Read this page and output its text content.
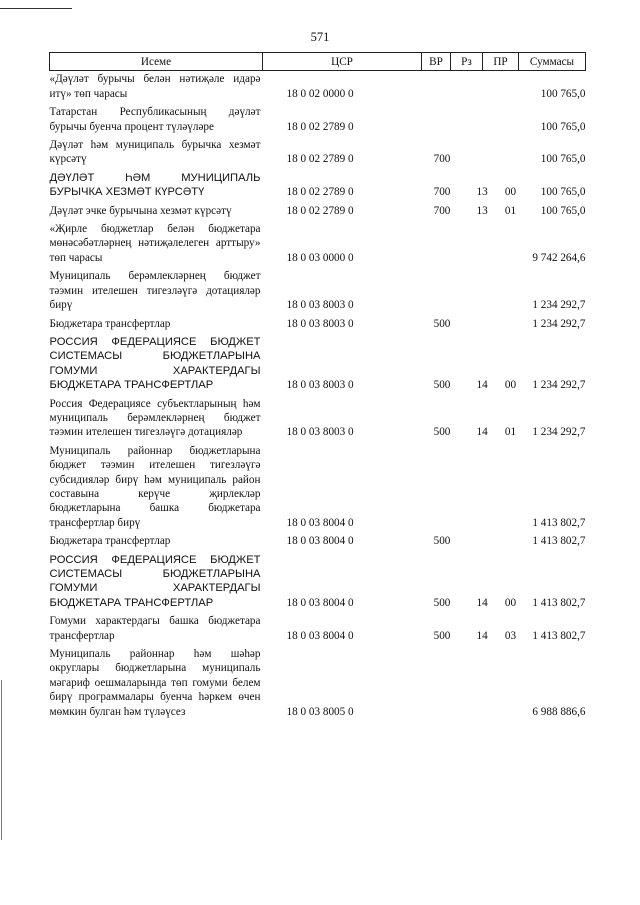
571
Исеме	ЦСР	ВР	Рз	ПР	Суммасы
«Дәүләт бурычы белән нәтиҗәле идарә итү» төп чарасы	18 0 02 0000 0				100 765,0
Татарстан Республикасының дәүләт бурычы буенча процент түләүләре	18 0 02 2789 0				100 765,0
Дәүләт һәм муниципаль бурычка хезмәт күрсәтү	18 0 02 2789 0	700			100 765,0
ДӘҮЛӘТ ҺӘМ МУНИЦИПАЛЬ БУРЫЧКА ХЕЗМӘТ КҮРСӘТҮ	18 0 02 2789 0	700	13	00	100 765,0
Дәүләт эчке бурычына хезмәт күрсәтү	18 0 02 2789 0	700	13	01	100 765,0
«Җирле бюджетлар белән бюджетара мөнәсәбәтләрнең нәтиҗәлелеген арттыру» төп чарасы	18 0 03 0000 0				9 742 264,6
Муниципаль берәмлекләрнең бюджет тәэмин ителешен тигезләүгә дотацияләр бирү	18 0 03 8003 0				1 234 292,7
Бюджетара трансфертлар	18 0 03 8003 0	500			1 234 292,7
РОССИЯ ФЕДЕРАЦИЯСЕ БЮДЖЕТ СИСТЕМАСЫ БЮДЖЕТЛАРЫНА ГОМУМИ ХАРАКТЕРДАГЫ БЮДЖЕТАРА ТРАНСФЕРТЛАР	18 0 03 8003 0	500	14	00	1 234 292,7
Россия Федерациясе субъектларының һәм муниципаль берәмлекләрнең бюджет тәэмин ителешен тигезләүгә дотацияләр	18 0 03 8003 0	500	14	01	1 234 292,7
Муниципаль районнар бюджетларына бюджет тәэмин ителешен тигезләүгә субсидияләр бирү һәм муниципаль район составына керүче җирлекләр бюджетларына башка бюджетара трансфертлар бирү	18 0 03 8004 0				1 413 802,7
Бюджетара трансфертлар	18 0 03 8004 0	500			1 413 802,7
РОССИЯ ФЕДЕРАЦИЯСЕ БЮДЖЕТ СИСТЕМАСЫ БЮДЖЕТЛАРЫНА ГОМУМИ ХАРАКТЕРДАГЫ БЮДЖЕТАРА ТРАНСФЕРТЛАР	18 0 03 8004 0	500	14	00	1 413 802,7
Гомуми характердагы башка бюджетара трансфертлар	18 0 03 8004 0	500	14	03	1 413 802,7
Муниципаль районнар һәм шәһәр округлары бюджетларына муниципаль мәгариф оешмаларында төп гомуми белем бирү программалары буенча һәркем өчен мөмкин булган һәм түләүсез	18 0 03 8005 0				6 988 886,6
